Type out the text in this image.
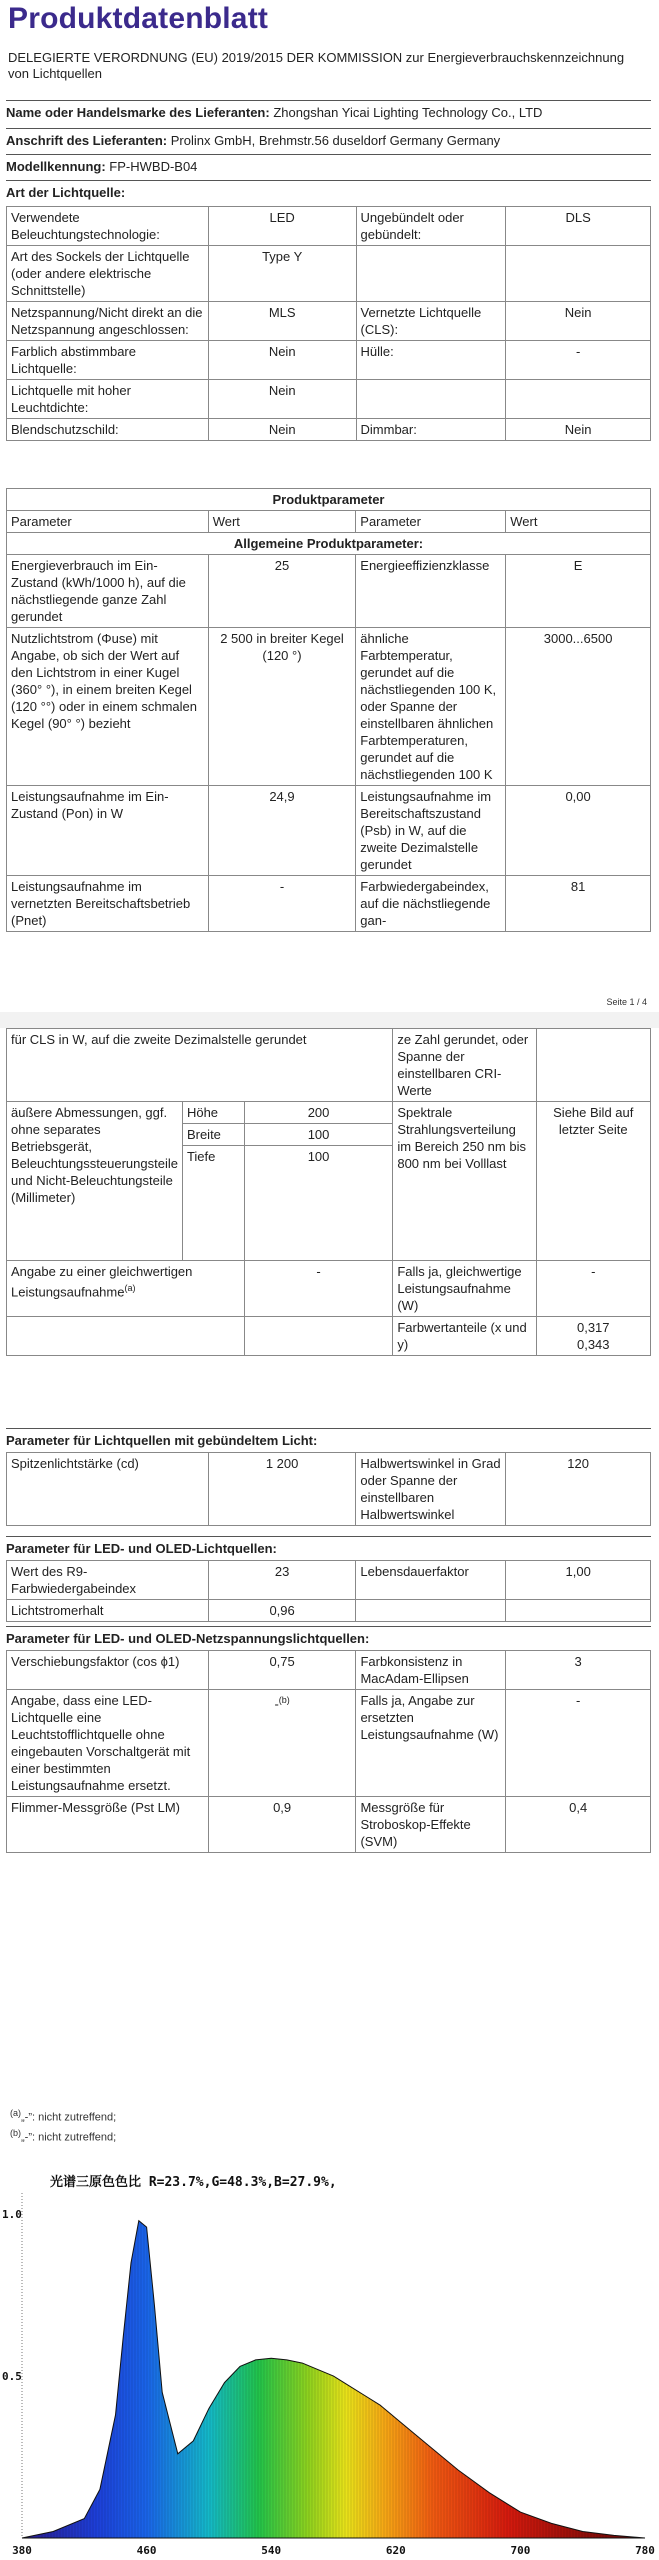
Produktdatenblatt
DELEGIERTE VERORDNUNG (EU) 2019/2015 DER KOMMISSION zur Energieverbrauchskennzeichnung von Lichtquellen
Name oder Handelsmarke des Lieferanten: Zhongshan Yicai Lighting Technology Co., LTD
Anschrift des Lieferanten: Prolinx GmbH, Brehmstr.56 duseldorf Germany Germany
Modellkennung: FP-HWBD-B04
Art der Lichtquelle:
Verwendete Beleuchtungstechnologie:	LED	Ungebündelt oder gebündelt:	DLS
Art des Sockels der Lichtquelle (oder andere elektrische Schnittstelle)	Type Y		
Netzspannung/Nicht direkt an die Netzspannung angeschlossen:	MLS	Vernetzte Lichtquelle (CLS):	Nein
Farblich abstimmbare Lichtquelle:	Nein	Hülle:	-
Lichtquelle mit hoher Leuchtdichte:	Nein		
Blendschutzschild:	Nein	Dimmbar:	Nein
Produktparameter			
Parameter	Wert	Parameter	Wert
Allgemeine Produktparameter:			
Energieverbrauch im Ein-Zustand (kWh/1000 h), auf die nächstliegende ganze Zahl gerundet	25	Energieeffizienzklasse	E
Nutzlichtstrom (Φuse) mit Angabe, ob sich der Wert auf den Lichtstrom in einer Kugel (360° °), in einem breiten Kegel (120 °°) oder in einem schmalen Kegel (90° °) bezieht	2 500 in breiter Kegel (120 °)	ähnliche Farbtemperatur, gerundet auf die nächstliegenden 100 K, oder Spanne der einstellbaren ähnlichen Farbtemperaturen, gerundet auf die nächstliegenden 100 K	3000...6500
Leistungsaufnahme im Ein-Zustand (Pon) in W	24,9	Leistungsaufnahme im Bereitschaftszustand (Psb) in W, auf die zweite Dezimalstelle gerundet	0,00
Leistungsaufnahme im vernetzten Bereitschaftsbetrieb (Pnet)	-	Farbwiedergabeindex, auf die nächstliegende gan-	81
Seite 1 / 4
für CLS in W, auf die zweite Dezimalstelle gerundet			ze Zahl gerundet, oder Spanne der einstellbaren CRI-Werte	
äußere Abmessungen, ggf. ohne separates Betriebsgerät, Beleuchtungssteuerungsteile und Nicht-Beleuchtungsteile (Millimeter)	Höhe	200	Spektrale Strahlungsverteilung im Bereich 250 nm bis 800 nm bei Volllast	Siehe Bild auf letzter Seite
	Breite	100		
	Tiefe	100		
Angabe zu einer gleichwertigen Leistungsaufnahme$^{(a)}$		-	Falls ja, gleichwertige Leistungsaufnahme (W)	-
			Farbwertanteile (x und y)	0,317
0,343
Parameter für Lichtquellen mit gebündeltem Licht:
Spitzenlichtstärke (cd)	1 200	Halbwertswinkel in Grad oder Spanne der einstellbaren Halbwertswinkel	120
Parameter für LED- und OLED-Lichtquellen:
Wert des R9-Farbwiedergabeindex	23	Lebensdauerfaktor	1,00
Lichtstromerhalt	0,96		
Parameter für LED- und OLED-Netzspannungslichtquellen:
Verschiebungsfaktor (cos ϕ1)	0,75	Farbkonsistenz in MacAdam-Ellipsen	3
Angabe, dass eine LED-Lichtquelle eine Leuchtstofflichtquelle ohne eingebauten Vorschaltgerät mit einer bestimmten Leistungsaufnahme ersetzt.	-$^{(b)}$	Falls ja, Angabe zur ersetzten Leistungsaufnahme (W)	-
Flimmer-Messgröße (Pst LM)	0,9	Messgröße für Stroboskop-Effekte (SVM)	0,4
$^{(a)}$„-”: nicht zutreffend;
$^{(b)}$„-”: nicht zutreffend;
380	460	540	620	700	780
0.5
1.0
光谱三原色色比 R=23.7%,G=48.3%,B=27.9%,
